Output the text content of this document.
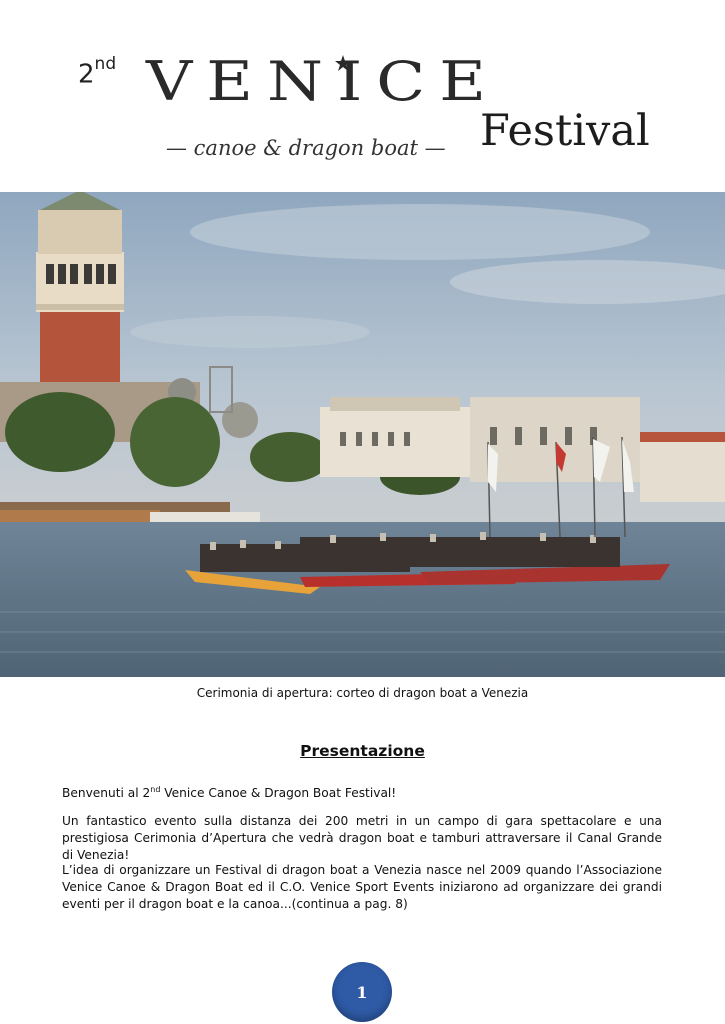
2nd VENICE
— canoe & dragon boat — Festival
Cerimonia di apertura: corteo di dragon boat a Venezia
Presentazione
Benvenuti al 2nd Venice Canoe & Dragon Boat Festival!
Un fantastico evento sulla distanza dei 200 metri in un campo di gara spettacolare e una prestigiosa Cerimonia d’Apertura che vedrà dragon boat e tamburi attraversare il Canal Grande di Venezia!
L’idea di organizzare un Festival di dragon boat a Venezia nasce nel 2009 quando l’Associazione Venice Canoe & Dragon Boat ed il C.O. Venice Sport Events iniziarono ad organizzare dei grandi eventi per il dragon boat e la canoa...(continua a pag. 8)
1
